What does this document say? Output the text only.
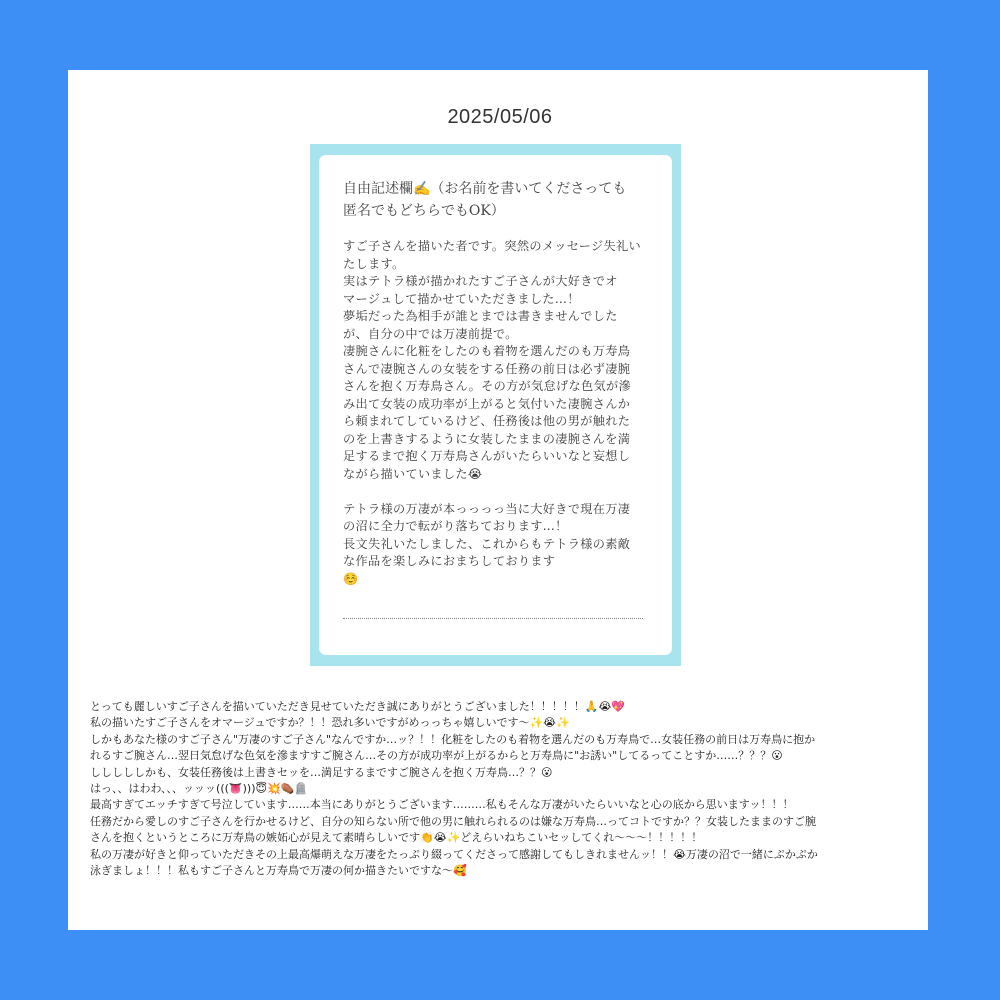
2025/05/06
自由記述欄✍️（お名前を書いてくださっても
匿名でもどちらでもOK）
すご子さんを描いた者です。突然のメッセージ失礼い
たします。
実はテトラ様が描かれたすご子さんが大好きでオ
マージュして描かせていただきました…！
夢垢だった為相手が誰とまでは書きませんでした
が、自分の中では万凄前提で。
凄腕さんに化粧をしたのも着物を選んだのも万寿鳥
さんで凄腕さんの女装をする任務の前日は必ず凄腕
さんを抱く万寿鳥さん。その方が気怠げな色気が滲
み出て女装の成功率が上がると気付いた凄腕さんか
ら頼まれてしているけど、任務後は他の男が触れた
のを上書きするように女装したままの凄腕さんを満
足するまで抱く万寿鳥さんがいたらいいなと妄想し
ながら描いていました😭
テトラ様の万凄が本っっっっ当に大好きで現在万凄
の沼に全力で転がり落ちております…！
長文失礼いたしました、これからもテトラ様の素敵
な作品を楽しみにおまちしております
☺️
とっても麗しいすご子さんを描いていただき見せていただき誠にありがとうございました！！！！！🙏😭💖
私の描いたすご子さんをオマージュですか？！！恐れ多いですがめっっちゃ嬉しいです〜✨😭✨
しかもあなた様のすご子さん"万凄のすご子さん"なんですか…ッ？！！化粧をしたのも着物を選んだのも万寿鳥で…女装任務の前日は万寿鳥に抱か
れるすご腕さん…翌日気怠げな色気を滲ますすご腕さん…その方が成功率が上がるからと万寿鳥に"お誘い"してるってことすか……？？？😮
しししししかも、女装任務後は上書きセッを…満足するまですご腕さんを抱く万寿鳥…？？😮
はっ、、はわわ、、、ッッッ(((👅)))😇💥⚰️🪦
最高すぎてエッチすぎて号泣しています……本当にありがとうございます………私もそんな万凄がいたらいいなと心の底から思いますッ！！！
任務だから愛しのすご子さんを行かせるけど、自分の知らない所で他の男に触れられるのは嫌な万寿鳥…ってコトですか？？女装したままのすご腕
さんを抱くというところに万寿鳥の嫉妬心が見えて素晴らしいです👏😭✨どえらいねちこいセッしてくれ〜〜〜！！！！！
私の万凄が好きと仰っていただきその上最高爆萌えな万凄をたっぷり綴ってくださって感謝してもしきれませんッ！！😭万凄の沼で一緒にぷかぷか
泳ぎましょ！！！私もすご子さんと万寿鳥で万凄の何か描きたいですな〜🥰
